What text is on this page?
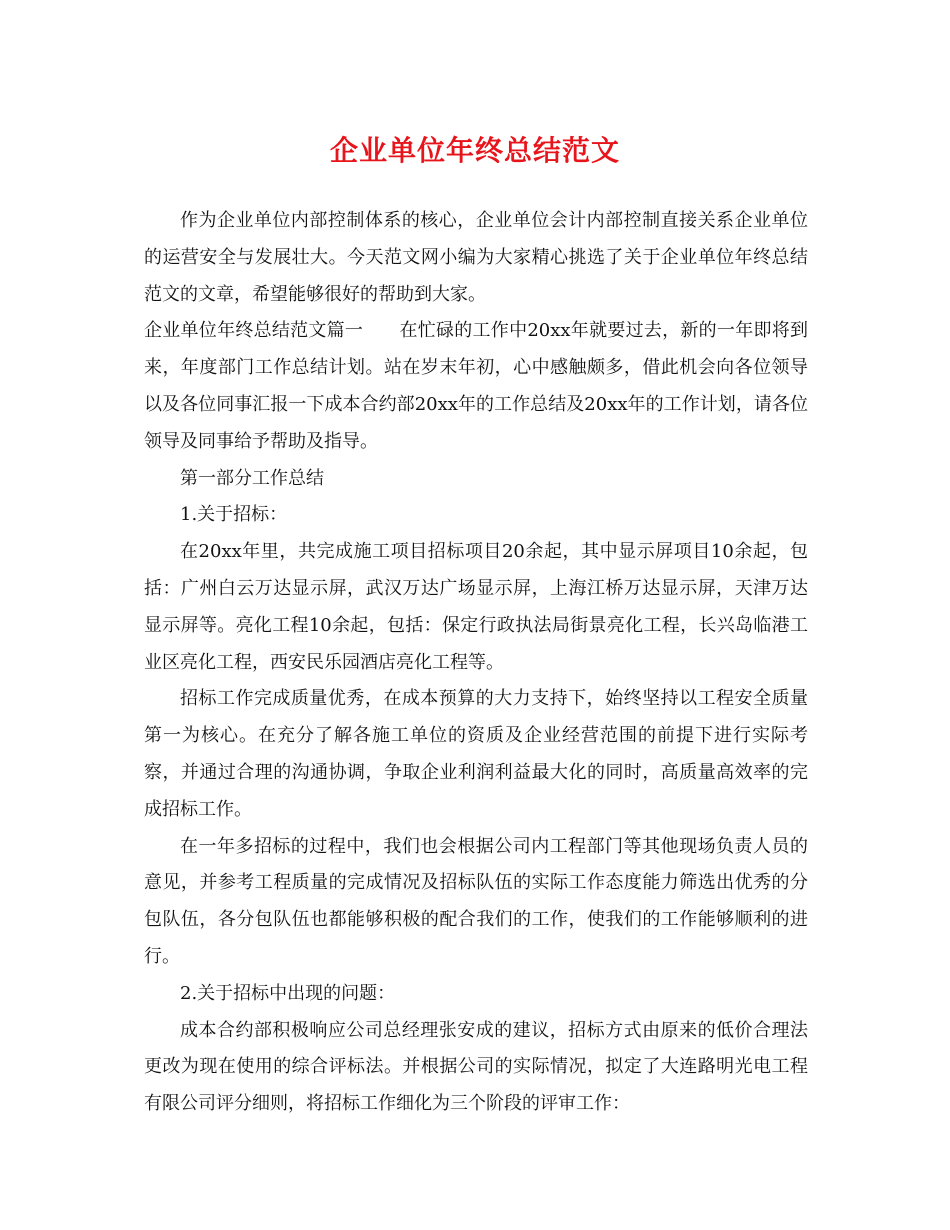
企业单位年终总结范文

作为企业单位内部控制体系的核心，企业单位会计内部控制直接关系企业单位的运营安全与发展壮大。今天范文网小编为大家精心挑选了关于企业单位年终总结范文的文章，希望能够很好的帮助到大家。

企业单位年终总结范文篇一 在忙碌的工作中20xx年就要过去，新的一年即将到来，年度部门工作总结计划。站在岁末年初，心中感触颇多，借此机会向各位领导以及各位同事汇报一下成本合约部20xx年的工作总结及20xx年的工作计划，请各位领导及同事给予帮助及指导。

第一部分工作总结

1.关于招标：

在20xx年里，共完成施工项目招标项目20余起，其中显示屏项目10余起，包括：广州白云万达显示屏，武汉万达广场显示屏，上海江桥万达显示屏，天津万达显示屏等。亮化工程10余起，包括：保定行政执法局街景亮化工程，长兴岛临港工业区亮化工程，西安民乐园酒店亮化工程等。

招标工作完成质量优秀，在成本预算的大力支持下，始终坚持以工程安全质量第一为核心。在充分了解各施工单位的资质及企业经营范围的前提下进行实际考察，并通过合理的沟通协调，争取企业利润利益最大化的同时，高质量高效率的完成招标工作。

在一年多招标的过程中，我们也会根据公司内工程部门等其他现场负责人员的意见，并参考工程质量的完成情况及招标队伍的实际工作态度能力筛选出优秀的分包队伍，各分包队伍也都能够积极的配合我们的工作，使我们的工作能够顺利的进行。

2.关于招标中出现的问题：

成本合约部积极响应公司总经理张安成的建议，招标方式由原来的低价合理法更改为现在使用的综合评标法。并根据公司的实际情况，拟定了大连路明光电工程有限公司评分细则，将招标工作细化为三个阶段的评审工作：
